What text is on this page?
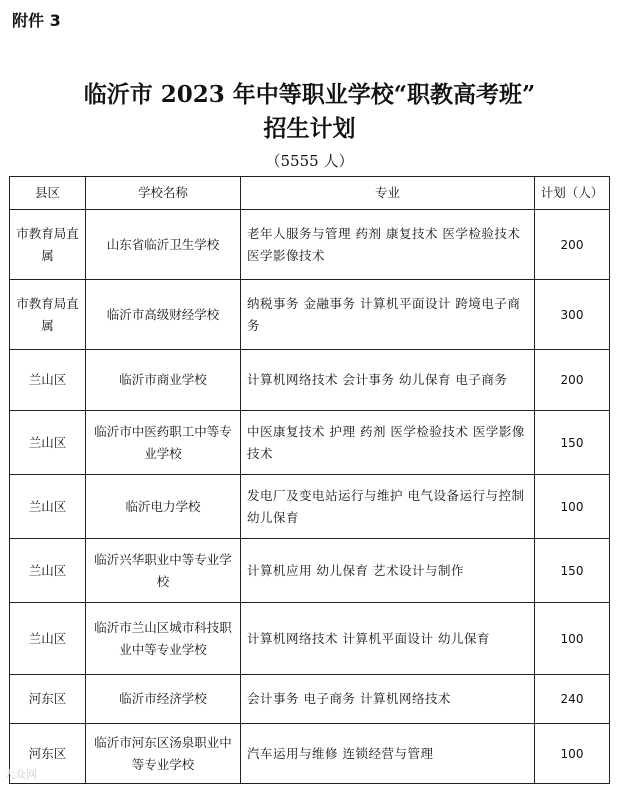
附件 3
临沂市 2023 年中等职业学校“职教高考班”
招生计划
（5555 人）
县区	学校名称	专业	计划（人）
市教育局直属	山东省临沂卫生学校	老年人服务与管理 药剂 康复技术 医学检验技术 医学影像技术	200
市教育局直属	临沂市高级财经学校	纳税事务 金融事务 计算机平面设计 跨境电子商务	300
兰山区	临沂市商业学校	计算机网络技术 会计事务 幼儿保育 电子商务	200
兰山区	临沂市中医药职工中等专业学校	中医康复技术 护理 药剂 医学检验技术 医学影像技术	150
兰山区	临沂电力学校	发电厂及变电站运行与维护 电气设备运行与控制 幼儿保育	100
兰山区	临沂兴华职业中等专业学校	计算机应用 幼儿保育 艺术设计与制作	150
兰山区	临沂市兰山区城市科技职业中等专业学校	计算机网络技术 计算机平面设计 幼儿保育	100
河东区	临沂市经济学校	会计事务 电子商务 计算机网络技术	240
河东区	临沂市河东区汤泉职业中等专业学校	汽车运用与维修 连锁经营与管理	100
大众网
